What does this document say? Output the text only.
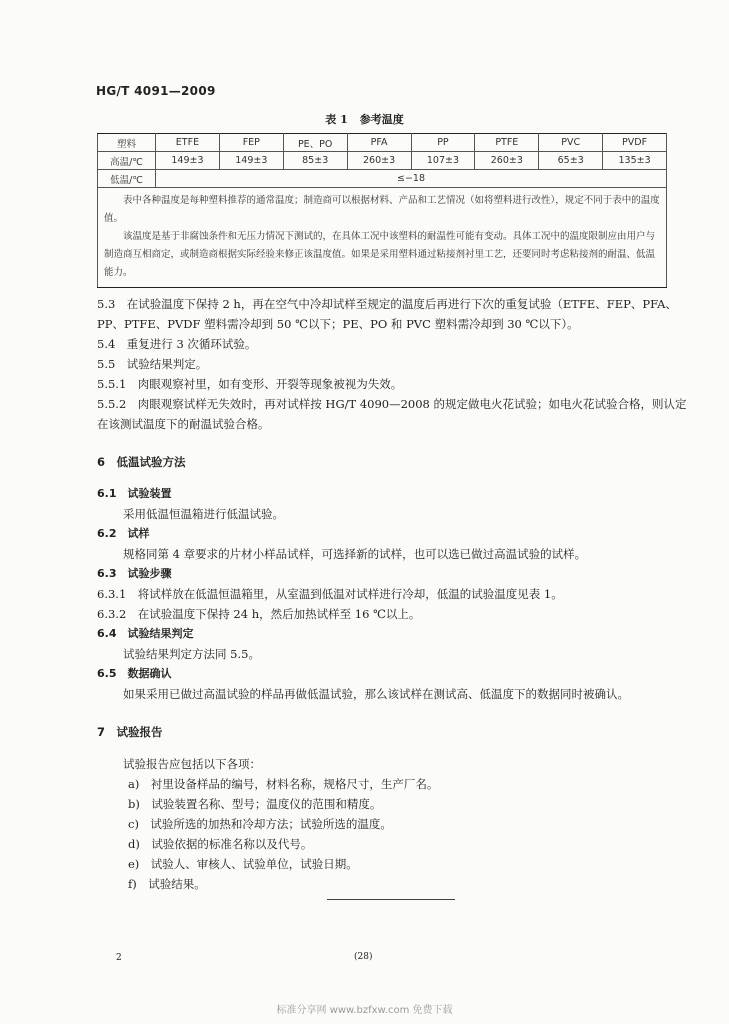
HG/T 4091—2009
表 1 参考温度
塑料	ETFE	FEP	PE、PO	PFA	PP	PTFE	PVC	PVDF
高温/℃	149±3	149±3	85±3	260±3	107±3	260±3	65±3	135±3
低温/℃	≤−18							

表中各种温度是每种塑料推荐的通常温度；制造商可以根据材料、产品和工艺情况（如将塑料进行改性），规定不同于表中的温度值。

该温度是基于非腐蚀条件和无压力情况下测试的，在具体工况中该塑料的耐温性可能有变动。具体工况中的温度限制应由用户与制造商互相商定，或制造商根据实际经验来修正该温度值。如果是采用塑料通过粘接剂衬里工艺，还要同时考虑粘接剂的耐温、低温能力。								

5.3　在试验温度下保持 2 h，再在空气中冷却试样至规定的温度后再进行下次的重复试验（ETFE、FEP、PFA、PP、PTFE、PVDF 塑料需冷却到 50 ℃以下；PE、PO 和 PVC 塑料需冷却到 30 ℃以下）。

5.4　重复进行 3 次循环试验。

5.5　试验结果判定。

5.5.1　肉眼观察衬里，如有变形、开裂等现象被视为失效。

5.5.2　肉眼观察试样无失效时，再对试样按 HG/T 4090—2008 的规定做电火花试验；如电火花试验合格，则认定在该测试温度下的耐温试验合格。

6　低温试验方法

6.1　试验装置

采用低温恒温箱进行低温试验。

6.2　试样

规格同第 4 章要求的片材小样品试样，可选择新的试样，也可以选已做过高温试验的试样。

6.3　试验步骤

6.3.1　将试样放在低温恒温箱里，从室温到低温对试样进行冷却，低温的试验温度见表 1。

6.3.2　在试验温度下保持 24 h，然后加热试样至 16 ℃以上。

6.4　试验结果判定

试验结果判定方法同 5.5。

6.5　数据确认

如果采用已做过高温试验的样品再做低温试验，那么该试样在测试高、低温度下的数据同时被确认。

7　试验报告

试验报告应包括以下各项：

a)　衬里设备样品的编号，材料名称，规格尺寸，生产厂名。

b)　试验装置名称、型号；温度仪的范围和精度。

c)　试验所选的加热和冷却方法；试验所选的温度。

d)　试验依据的标准名称以及代号。

e)　试验人、审核人、试验单位，试验日期。

f)　试验结果。

2	(28)
标准分享网 www.bzfxw.com 免费下载
